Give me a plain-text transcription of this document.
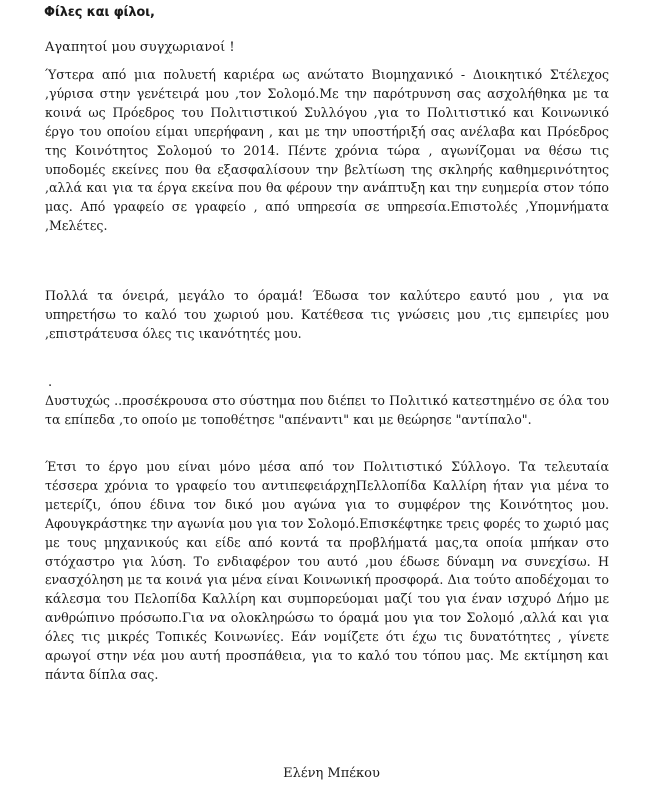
Φίλες και φίλοι,
Αγαπητοί μου συγχωριανοί !

Ύστερα από μια πολυετή καριέρα ως ανώτατο Βιομηχανικό - Διοικητικό Στέλεχος ,γύρισα στην γενέτειρά μου ,τον Σολομό.Με την παρότρυνση σας ασχολήθηκα με τα κοινά ως Πρόεδρος του Πολιτιστικού Συλλόγου ,για το Πολιτιστικό και Κοινωνικό έργο του οποίου είμαι υπερήφανη , και με την υποστήριξή σας ανέλαβα και Πρόεδρος της Κοινότητος Σολομού το 2014. Πέντε χρόνια τώρα , αγωνίζομαι να θέσω τις υποδομές εκείνες που θα εξασφαλίσουν την βελτίωση της σκληρής καθημερινότητος ,αλλά και για τα έργα εκείνα που θα φέρουν την ανάπτυξη και την ευημερία στον τόπο μας. Από γραφείο σε γραφείο , από υπηρεσία σε υπηρεσία.Επιστολές ,Υπομνήματα ,Μελέτες.

Πολλά τα όνειρά, μεγάλο το όραμά! Έδωσα τον καλύτερο εαυτό μου , για να υπηρετήσω το καλό του χωριού μου. Κατέθεσα τις γνώσεις μου ,τις εμπειρίες μου ,επιστράτευσα όλες τις ικανότητές μου.

.

Δυστυχώς ..προσέκρουσα στο σύστημα που διέπει το Πολιτικό κατεστημένο σε όλα του τα επίπεδα ,το οποίο με τοποθέτησε "απέναντι" και με θεώρησε "αντίπαλο".

Έτσι το έργο μου είναι μόνο μέσα από τον Πολιτιστικό Σύλλογο. Τα τελευταία τέσσερα χρόνια το γραφείο του αντιπεφειάρχηΠελλοπίδα Καλλίρη ήταν για μένα το μετερίζι, όπου έδινα τον δικό μου αγώνα για το συμφέρον της Κοινότητος μου. Αφουγκράστηκε την αγωνία μου για τον Σολομό.Επισκέφτηκε τρεις φορές το χωριό μας με τους μηχανικούς και είδε από κοντά τα προβλήματά μας,τα οποία μπήκαν στο στόχαστρο για λύση. Το ενδιαφέρον του αυτό ,μου έδωσε δύναμη να συνεχίσω. Η ενασχόληση με τα κοινά για μένα είναι Κοινωνική προσφορά. Δια τούτο αποδέχομαι το κάλεσμα του Πελοπίδα Καλλίρη και συμπορεύομαι μαζί του για έναν ισχυρό Δήμο με ανθρώπινο πρόσωπο.Για να ολοκληρώσω το όραμά μου για τον Σολομό ,αλλά και για όλες τις μικρές Τοπικές Κοινωνίες. Εάν νομίζετε ότι έχω τις δυνατότητες , γίνετε αρωγοί στην νέα μου αυτή προσπάθεια, για το καλό του τόπου μας. Με εκτίμηση και πάντα δίπλα σας.

Ελένη Μπέκου
